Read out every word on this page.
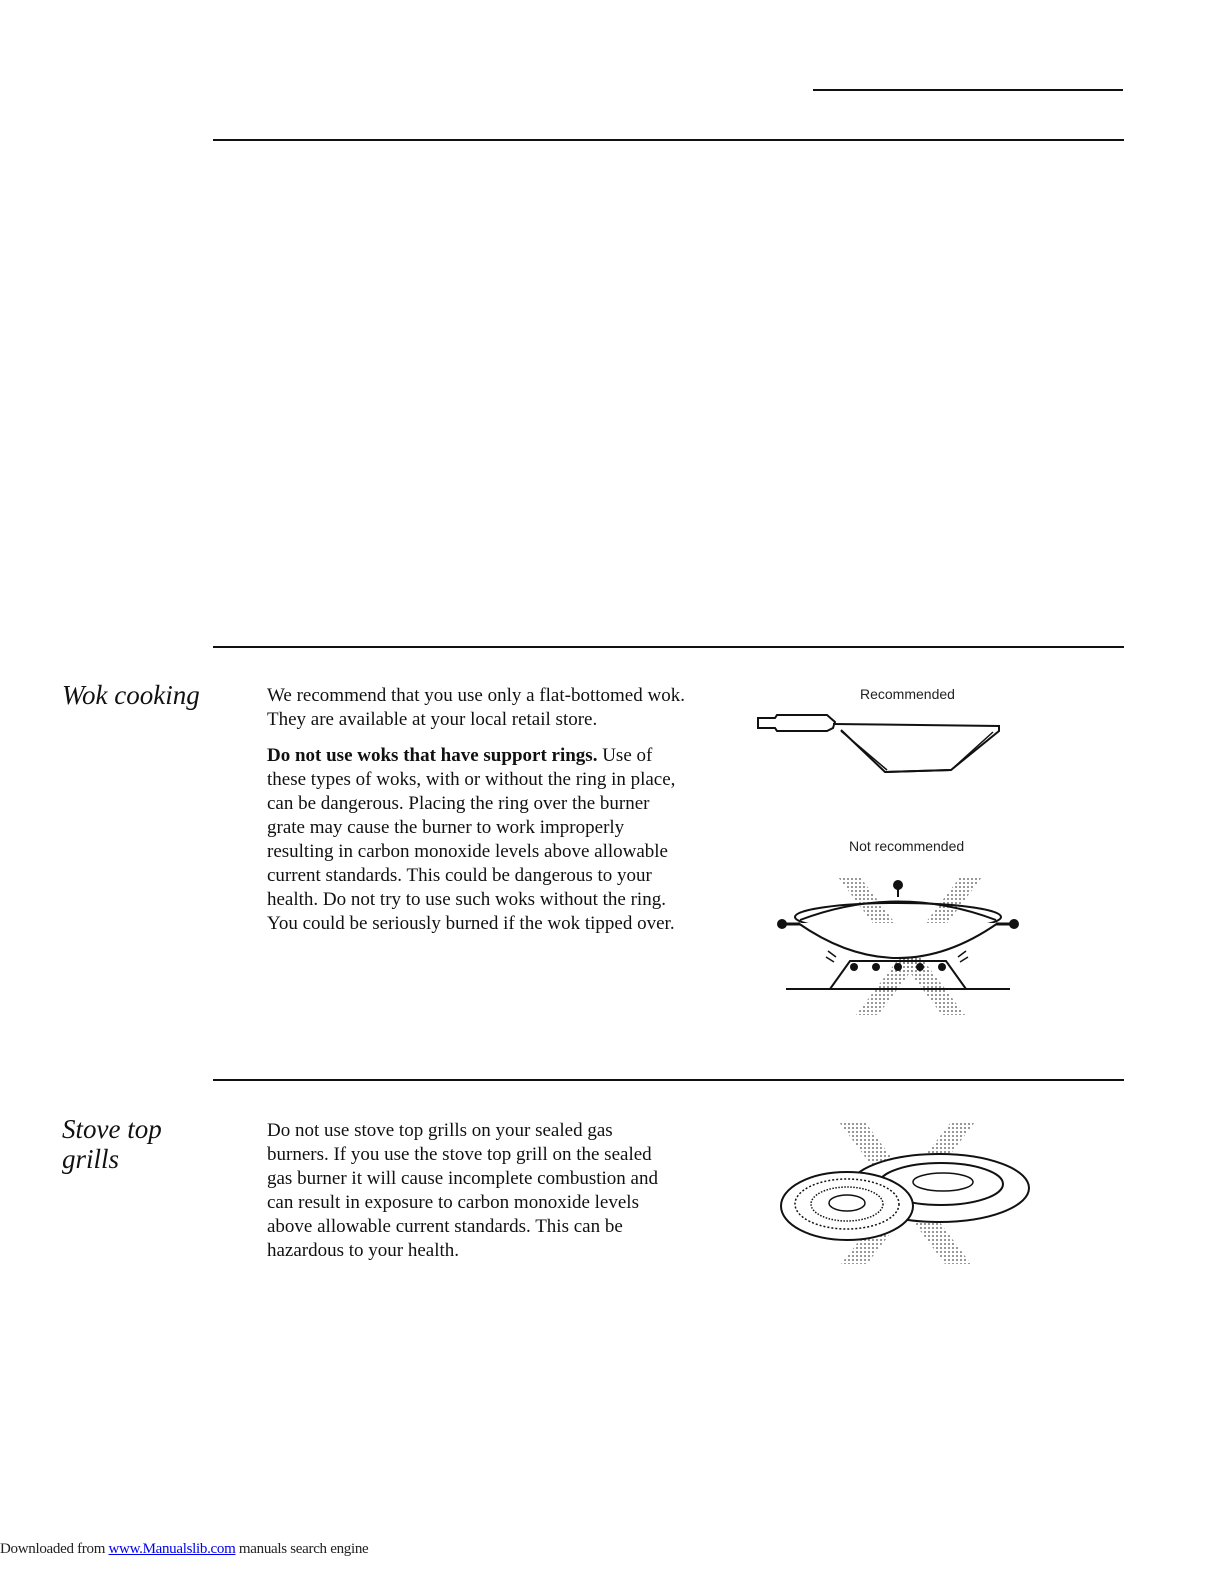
Wok cooking	We recommend that you use only a flat-bottomed wok. They are available at your local retail store.

Do not use woks that have support rings. Use of these types of woks, with or without the ring in place, can be dangerous. Placing the ring over the burner grate may cause the burner to work improperly resulting in carbon monoxide levels above allowable current standards. This could be dangerous to your health. Do not try to use such woks without the ring. You could be seriously burned if the wok tipped over.

Recommended
Not recommended
Stove top
grills

Do not use stove top grills on your sealed gas burners. If you use the stove top grill on the sealed gas burner it will cause incomplete combustion and can result in exposure to carbon monoxide levels above allowable current standards. This can be hazardous to your health.

Downloaded from www.Manualslib.com manuals search engine
